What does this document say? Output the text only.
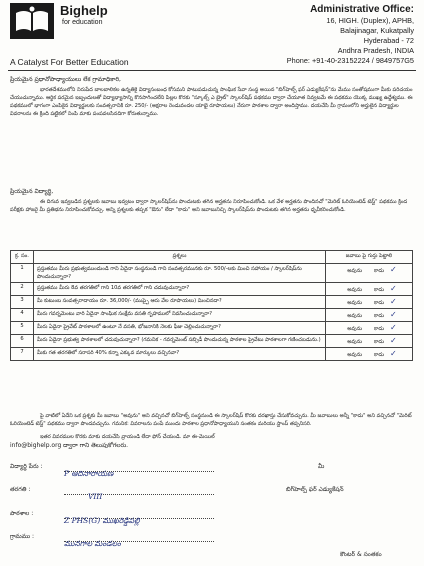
Bighelp
for education
A Catalyst For Better Education
Administrative Office:
16, HIGH. (Duplex), APHB,
Balajinagar, Kukatpally
Hyderabad - 72
Andhra Pradesh, INDIA
Phone: +91-40-23152224 / 9849757G5
ప్రియమైన ప్రధానోపాధ్యాయులు లేక గ్రామాధికారి,
భారతదేశములోని నిరుపేద బాలబాలికల ఉన్నతికై విద్యాసంబంధ కోసమని పాటుపడుచున్న సాంఘిక సేవా సంస్థ అయిన "బిగ్‌హెల్ప్ ఫర్ ఎడ్యుకేషన్"ను మేము సంతోషముగా మీకు పరిచయం చేయుచున్నాము. ఆర్థిక పరమైన ఇబ్బందులతో విద్యాభ్యాసాన్ని కొనసాగించలేని పిల్లల కొరకు "స్కూల్స్ ఎ బ్రైట్" స్కాలర్‌షిప్ పథకము ద్వారా చేయూత నివ్వటమే ఈ పథకము యొక్క ముఖ్య ఉద్దేశ్యము. ఈ పథకములో భాగంగా ఎంపికైన విద్యార్థులకు సంవత్సరానికి రూ. 250/- (అక్షరాల రెండువందల యాభై రూపాయలు) నేరుగా పాఠశాల ద్వారా అందిస్తాము. దయచేసి మీ గ్రామంలోని అర్హులైన విద్యార్థుల వివరాలను ఈ క్రింది పట్టికలో నింపి మాకు పంపవలసినదిగా కోరుతున్నాము.
ప్రియమైన విద్యార్థి,
ఈ దిగువ ఇవ్వబడిన ప్రశ్నలకు జవాబు ఇవ్వటం ద్వారా స్కాలర్‌షిప్‌ను పొందుటకు తగిన అర్హతను నిరూపించుకోండి. ఒక వేళ అర్హతను పొందినచో "మెరిట్ ఓరియెంటెడ్ టెస్ట్" పథకము క్రింద పరీక్షకు హాజరై మీ ప్రతిభను నిరూపించుకోవచ్చు. అన్ని ప్రశ్నలకు తప్పక "ఔను" లేదా "కాదు" అని జవాబునిచ్చి స్కాలర్‌షిప్‌ను పొందుటకు తగిన అర్హతను ధృవీకరించుకోండి.
క్ర. సం.	ప్రశ్నలు	జవాబు పై గుర్తు పెట్టాలి
1	ప్రస్తుతము మీరు ప్రభుత్వముందుండి గాని ఏదైనా సంస్థనుండి గాని సంవత్సరమునకు రూ. 500/-లకు మించి సహాయం / స్కాలర్‌షిప్‌ను పొందుచున్నారా?	అవును కాదు ✓
2	ప్రస్తుతము మీరు 8వ తరగతిలో గాని 10వ తరగతిలో గాని చదువుచున్నారా?	అవును కాదు ✓
3	మీ కుటుంబ సంవత్సరాదాయం రూ. 36,000/- (ముప్పై ఆరు వేల రూపాయలు) మించినదా?	అవును కాదు ✓
4	మీరు గవర్నమెంటు వారి ఏదైనా సాంఘిక సంక్షేమ వసతి గృహములో నివసించుచున్నారా?	అవును కాదు ✓
5	మీరు ఏదైనా ప్రైవేట్ పాఠశాలలో ఉంటూ నే వసతి, భోజనానికి నెలకు ఫీజు చెల్లించుచున్నారా?	అవును కాదు ✓
6	మీరు ఏదైనా ప్రభుత్వ పాఠశాలలో చదువుచున్నారా? (గమనిక - గవర్నమెంట్ సబ్సిడీ పొందుచున్న పాఠశాల ప్రైవేటు పాఠశాలగా గణించబడును.)	అవును కాదు ✓
7	మీకు గత తరగతిలో సరాసరి 40% కన్నా ఎక్కువ మార్కులు వచ్చినవా?	అవును కాదు ✓
పై వాటిలో ఏదేని ఒక ప్రశ్నకు మీ జవాబు "అవును" అని వచ్చినచో బిగ్‌హెల్ప్ సంస్థనుండి ఈ స్కాలర్‌షిప్ కొరకు దరఖాస్తు చేసుకోవచ్చును. మీ జవాబులు అన్నీ "కాదు" అని వచ్చినచో "మెరిట్ ఓరియెంటెడ్ టెస్ట్" పథకము ద్వారా పొందవచ్చును. గమనిక: వివరాలను పంపే ముందు పాఠశాల ప్రధానోపాధ్యాయుని సంతకం మరియు స్టాంప్ తప్పనిసరి.
ఇతర వివరముల కొరకు మాకు దయచేసి వ్రాయండి లేదా ఫోన్ చేయండి. మా ఈ-మెయిల్
info@bighelp.org ద్వారా గాని తెలుపుకోగలరు.
విద్యార్థి పేరు :
P ఆదినారాయణ
తరగతి :
VIII
పాఠశాల :
Z PHS(G) ముఖరెడ్డిపల్లి
గ్రామము :
మునగాల మండలం
మీ
బిగ్‌హెల్ప్ ఫర్ ఎడ్యుకేషన్
కౌంటర్ & సంతకం
